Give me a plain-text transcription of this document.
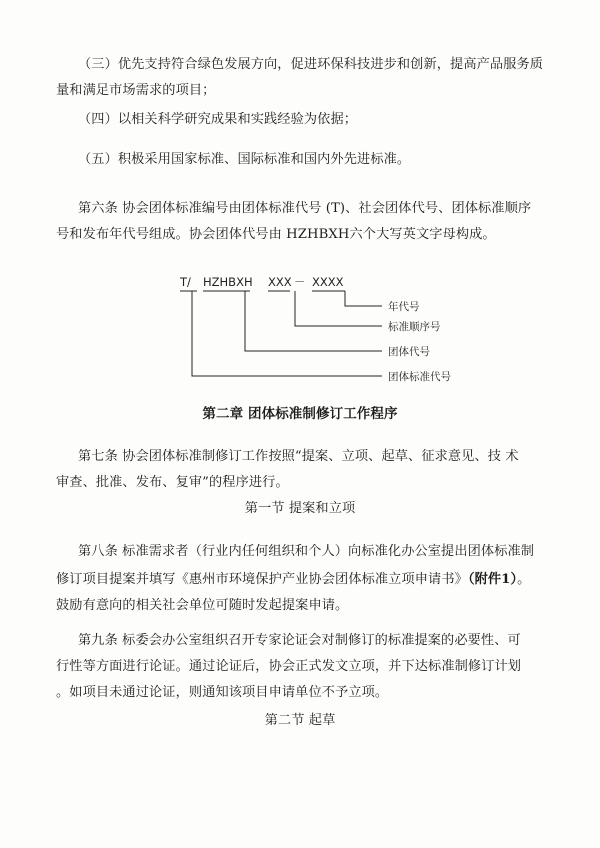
（三）优先支持符合绿色发展方向，促进环保科技进步和创新，提高产品服务质
量和满足市场需求的项目；
（四）以相关科学研究成果和实践经验为依据；
（五）积极采用国家标准、国际标准和国内外先进标准。
第六条 协会团体标准编号由团体标准代号 (T)、社会团体代号、团体标准顺序
号和发布年代号组成。协会团体代号由 HZHBXH六个大写英文字母构成。
T/ HZHBXH XXX － XXXX
年代号
标准顺序号
团体代号
团体标准代号
第二章 团体标准制修订工作程序
第七条 协会团体标准制修订工作按照“提案、立项、起草、征求意见、技 术
审查、批准、发布、复审”的程序进行。
第一节 提案和立项
第八条 标准需求者（行业内任何组织和个人）向标准化办公室提出团体标准制
修订项目提案并填写《惠州市环境保护产业协会团体标准立项申请书》（附件1）。
鼓励有意向的相关社会单位可随时发起提案申请。
第九条 标委会办公室组织召开专家论证会对制修订的标准提案的必要性、可
行性等方面进行论证。通过论证后，协会正式发文立项，并下达标准制修订计划
。如项目未通过论证，则通知该项目申请单位不予立项。
第二节 起草
